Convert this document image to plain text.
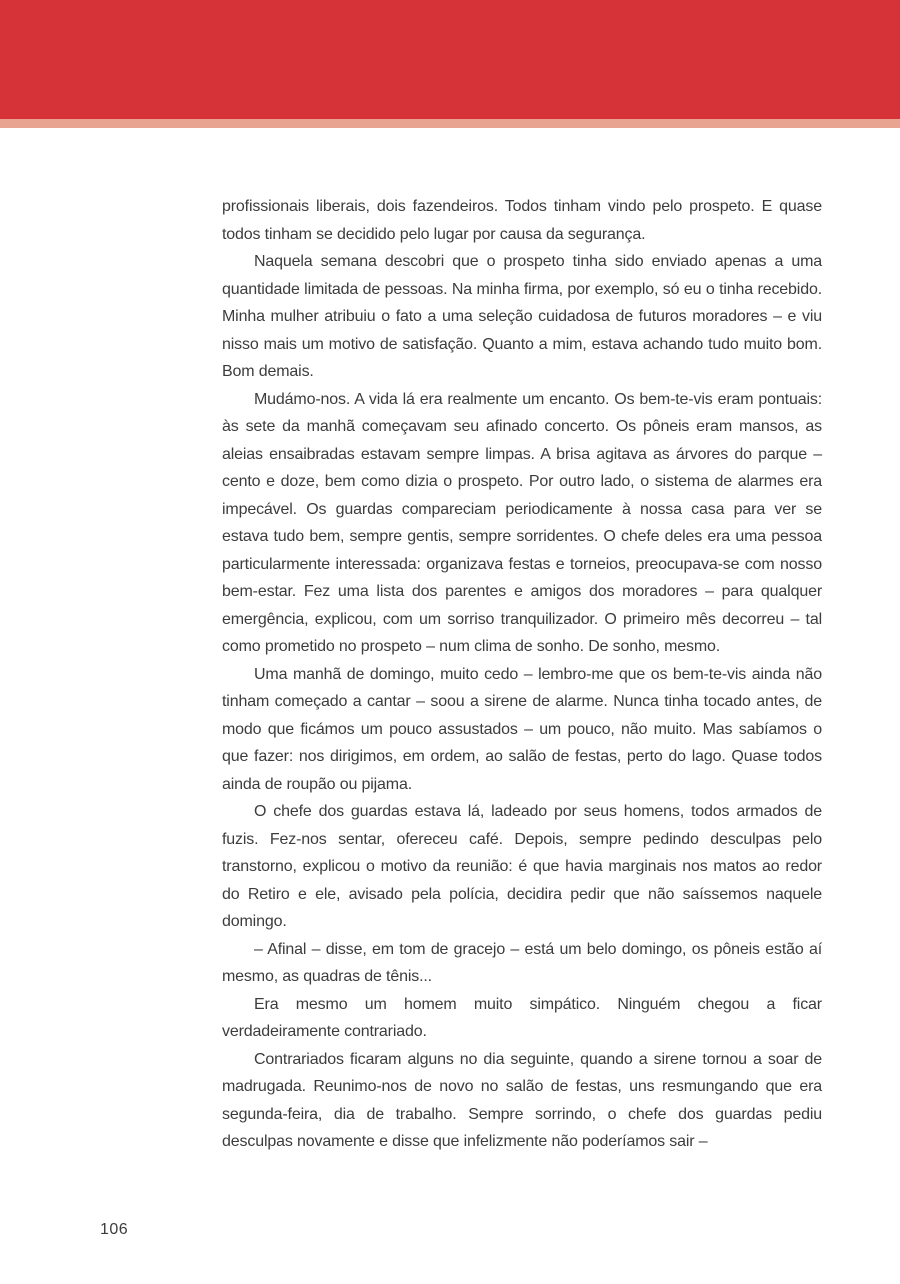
profissionais liberais, dois fazendeiros. Todos tinham vindo pelo prospeto. E quase todos tinham se decidido pelo lugar por causa da segurança.

Naquela semana descobri que o prospeto tinha sido enviado apenas a uma quantidade limitada de pessoas. Na minha firma, por exemplo, só eu o tinha recebido. Minha mulher atribuiu o fato a uma seleção cuidadosa de futuros moradores – e viu nisso mais um motivo de satisfação. Quanto a mim, estava achando tudo muito bom. Bom demais.

Mudámo-nos. A vida lá era realmente um encanto. Os bem-te-vis eram pontuais: às sete da manhã começavam seu afinado concerto. Os pôneis eram mansos, as aleias ensaibradas estavam sempre limpas. A brisa agitava as árvores do parque – cento e doze, bem como dizia o prospeto. Por outro lado, o sistema de alarmes era impecável. Os guardas compareciam periodicamente à nossa casa para ver se estava tudo bem, sempre gentis, sempre sorridentes. O chefe deles era uma pessoa particularmente interessada: organizava festas e torneios, preocupava-se com nosso bem-estar. Fez uma lista dos parentes e amigos dos moradores – para qualquer emergência, explicou, com um sorriso tranquilizador. O primeiro mês decorreu – tal como prometido no prospeto – num clima de sonho. De sonho, mesmo.

Uma manhã de domingo, muito cedo – lembro-me que os bem-te-vis ainda não tinham começado a cantar – soou a sirene de alarme. Nunca tinha tocado antes, de modo que ficámos um pouco assustados – um pouco, não muito. Mas sabíamos o que fazer: nos dirigimos, em ordem, ao salão de festas, perto do lago. Quase todos ainda de roupão ou pijama.

O chefe dos guardas estava lá, ladeado por seus homens, todos armados de fuzis. Fez-nos sentar, ofereceu café. Depois, sempre pedindo desculpas pelo transtorno, explicou o motivo da reunião: é que havia marginais nos matos ao redor do Retiro e ele, avisado pela polícia, decidira pedir que não saíssemos naquele domingo.

– Afinal – disse, em tom de gracejo – está um belo domingo, os pôneis estão aí mesmo, as quadras de tênis...

Era mesmo um homem muito simpático. Ninguém chegou a ficar verdadeiramente contrariado.

Contrariados ficaram alguns no dia seguinte, quando a sirene tornou a soar de madrugada. Reunimo-nos de novo no salão de festas, uns resmungando que era segunda-feira, dia de trabalho. Sempre sorrindo, o chefe dos guardas pediu desculpas novamente e disse que infelizmente não poderíamos sair –

106
